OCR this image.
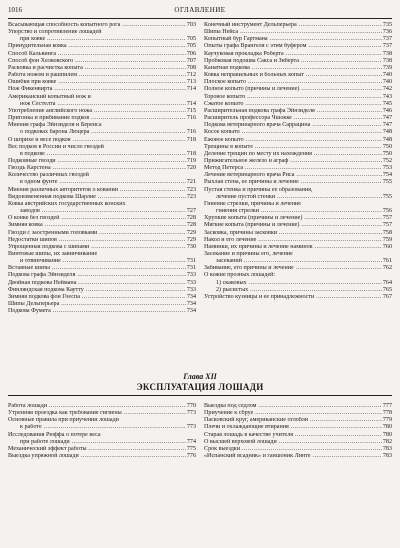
1016	ОГЛАВЛЕНИЕ
Всасывающая способность копытного рога .....	703
Упорство и сопротивление лошадей
при ковке .....	705
Принудительная ковка .....	705
Способ Кальвинга .....	706
Способ фон Хелковского .....	707
Расковка и расчистка копыта .....	708
Работа ножом и рашпилем .....	712
Ошибки при ковке .....	713
Нож Фикенвирта .....	714
Американский копытный нож и
нож Сестелта .....	714
Употребление английского ножа .....	715
Пригонка и прибивание подков .....	716
Мнения графа Эйнзиделя и Беренса
о подковах барона Люцера .....	716
О шприхе и весе подков .....	718
Вес подков в России и число гвоздей
в подкове .....	718
Подковные гвозди .....	719
Гвоздь Карстена .....	720
Количество различных гвоздей
в одном фунте .....	721
Мнения различных авторитетов о ковании .....	723
Видоизмененная подкова Шарлие .....	723
Ковка австрийских государственных конских
заводов .....	727
О конке без гвоздей .....	728
Зимняя ковка .....	728
Гвозди с заостренными головками .....	729
Недостатки шипов .....	729
Упрощенная подкова с шипами .....	730
Винтовые шипы, их завинчивание
и отвинчивание .....	731
Вставные шипы .....	731
Подкова графа Эйнзиделя .....	733
Двойная подкова Неймана .....	733
Финляндская подкова Каутту .....	733
Зимняя подкова фон Гоеспа .....	734
Шипы Дельперьера .....	734
Подкова Фумета .....	734
Конечный инструмент Дельперьера .....	735
Шипы Нейса .....	736
Копытный бур Гартмана .....	737
Опыты графа Врангеля с этим буфером .....	737
Каучуковая прокладка Роберта .....	738
Пробковая подошва Сакса и Зиберта .....	738
Канатная подкова .....	739
Ковка неправильных и больных копыт .....	740
Плоское копыто .....	740
Полное копыто (причины и лечение) .....	742
Торовое копыто .....	743
Сжатое копыто .....	745
Расширительная подкова графа Эйнзиделя .....	746
Расширитель профессора Чшокке .....	747
Подкова ветеринарного врача Саррацина .....	747
Косое копыто .....	748
Ежовое копыто .....	748
Трещины в копыте .....	750
Деление трещин по месту их нахождения .....	750
Прижигательное железо и аграф .....	752
Метод Петерса .....	753
Лечение ветеринарного врача Риса .....	754
Рыхлая стена, ее причины и лечение .....	755
Пустая стенка и причины ее образования,
лечение пустой стенки .....	755
Гниение стрелки, причины и лечение
гниения стрелки .....	756
Хрупкие копыта (причины и лечение) .....	757
Мягкие копыта (причины и лечение) .....	757
Засковка, причины засковки .....	758
Накол и его лечение .....	759
Наминки, их причины и лечение наминок .....	760
Засекание и причины его, лечение
засеканий .....	761
Забивание, его причины и лечение .....	762
О кожие прозных лошадей:
1) скаковых .....	764
2) рысистых .....	765
Устройство кузницы и ее принадлежности .....	767
Глава XII
ЭКСПЛУАТАЦИЯ ЛОШАДИ
Работа лошади .....	770
Утренняя проездка как требование гигиены .....	773
Основные правила при приучении лошади
к работе .....	773
Исследования Рюффа о потере веса
при работе лошади .....	774
Механический эффект работы .....	775
Выездка упряжной лошади .....	776
Выездка под седлом .....	777
Приучение к сбруе .....	778
Пасковский круг, американские оглобли .....	779
Плечи и охлаждающие втирания .....	780
Старая лошадь в качестве учителя .....	780
О высшей верховой лошади .....	782
Срок выездки .....	783
«Испанский всадник» и ганшоник Линте .....	783
